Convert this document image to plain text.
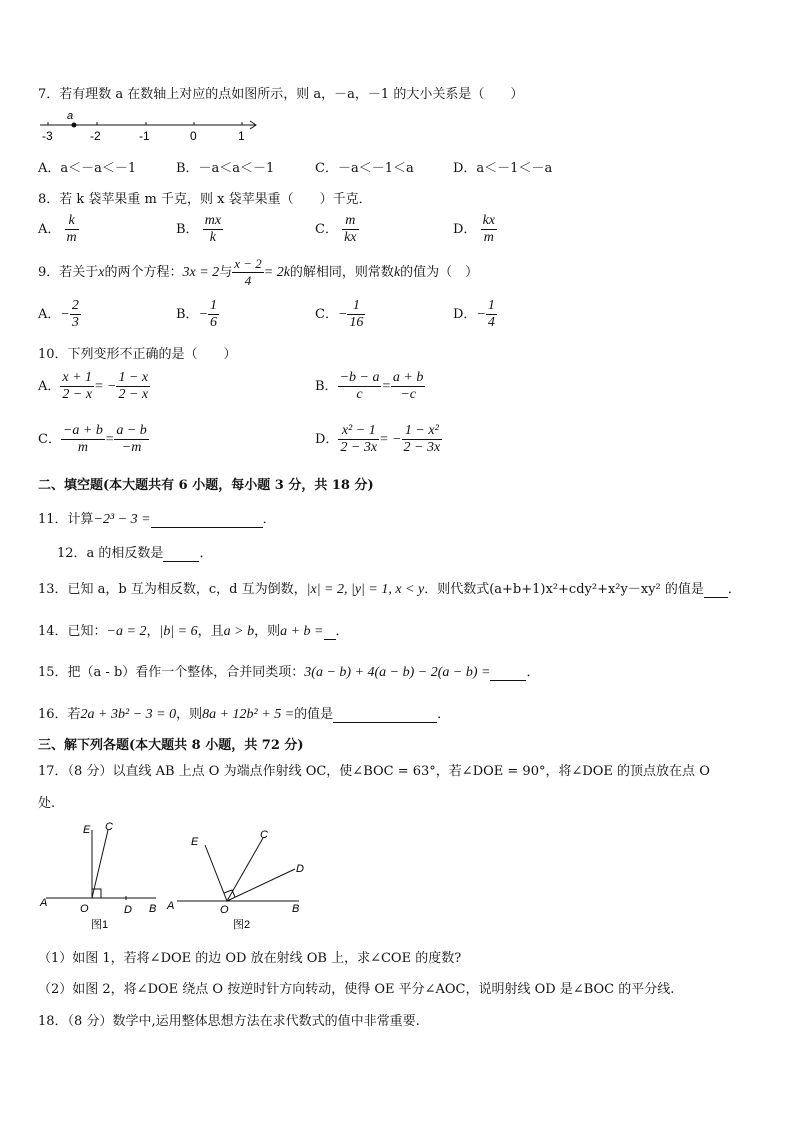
7．若有理数 a 在数轴上对应的点如图所示，则 a，－a，－1 的大小关系是（　　）
a
-3	-2	-1	0	1
A．a＜－a＜－1	B．－a＜a＜－1	C．－a＜－1＜a	D．a＜－1＜－a
8．若 k 袋苹果重 m 千克，则 x 袋苹果重（　　）千克．
A． $\frac{k}{m}$	B． $\frac{mx}{k}$	C． $\frac{m}{kx}$	D． $\frac{kx}{m}$
9．若关于x的两个方程：3x = 2与 $\frac{x - 2}{4} = 2k$的解相同，则常数k的值为（　）
A．− $\frac{2}{3}$	B．− $\frac{1}{6}$	C．− $\frac{1}{16}$	D．− $\frac{1}{4}$
10．下列变形不正确的是（　　）
A． $\frac{x + 1}{2 - x}$ = − $\frac{1 - x}{2 - x}$	B． $\frac{-b - a}{c} = \frac{a + b}{-c}$
C． $\frac{-a + b}{m} = \frac{a - b}{-m}$	D． $\frac{\text{x² − 1}}{2 - 3x}$ = − $\frac{\text{1 − x²}}{2 - 3x}$
二、填空题(本大题共有 6 小题，每小题 3 分，共 18 分)
11．计算−2³ − 3 =	．
12．a 的相反数是	．
13．已知 a，b 互为相反数，c，d 互为倒数，|x| = 2, |y| = 1, x < y．则代数式(a+b+1)x²+cdy²+x²y－xy² 的值是 ．
14．已知：−a = 2，|b| = 6，且a > b，则a + b = ．
15．把（a - b）看作一个整体，合并同类项：3(a − b) + 4(a − b) − 2(a − b) =	．
16．若2a + 3b² − 3 = 0，则8a + 12b² + 5 =的值是	．
三、解下列各题(本大题共 8 小题，共 72 分)
17．（8 分）以直线 AB 上点 O 为端点作射线 OC，使∠BOC = 63°，若∠DOE = 90°，将∠DOE 的顶点放在点 O
处.
E C
A	O	D B
图1
E
C
D
A	O	B
图2
（1）如图 1，若将∠DOE 的边 OD 放在射线 OB 上，求∠COE 的度数?
（2）如图 2，将∠DOE 绕点 O 按逆时针方向转动，使得 OE 平分∠AOC，说明射线 OD 是∠BOC 的平分线.
18．（8 分）数学中,运用整体思想方法在求代数式的值中非常重要.
